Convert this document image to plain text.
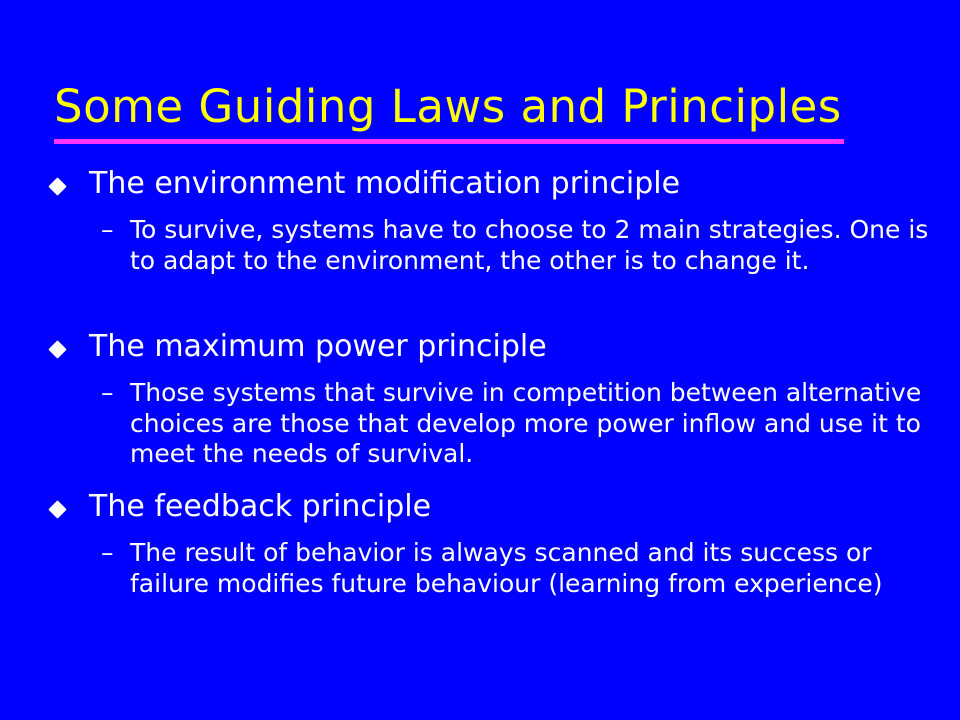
Some Guiding Laws and Principles

The environment modification principle

– To survive, systems have to choose to 2 main strategies. One is to adapt to the environment, the other is to change it.

The maximum power principle

– Those systems that survive in competition between alternative choices are those that develop more power inflow and use it to meet the needs of survival.

The feedback principle

– The result of behavior is always scanned and its success or failure modifies future behaviour (learning from experience)
